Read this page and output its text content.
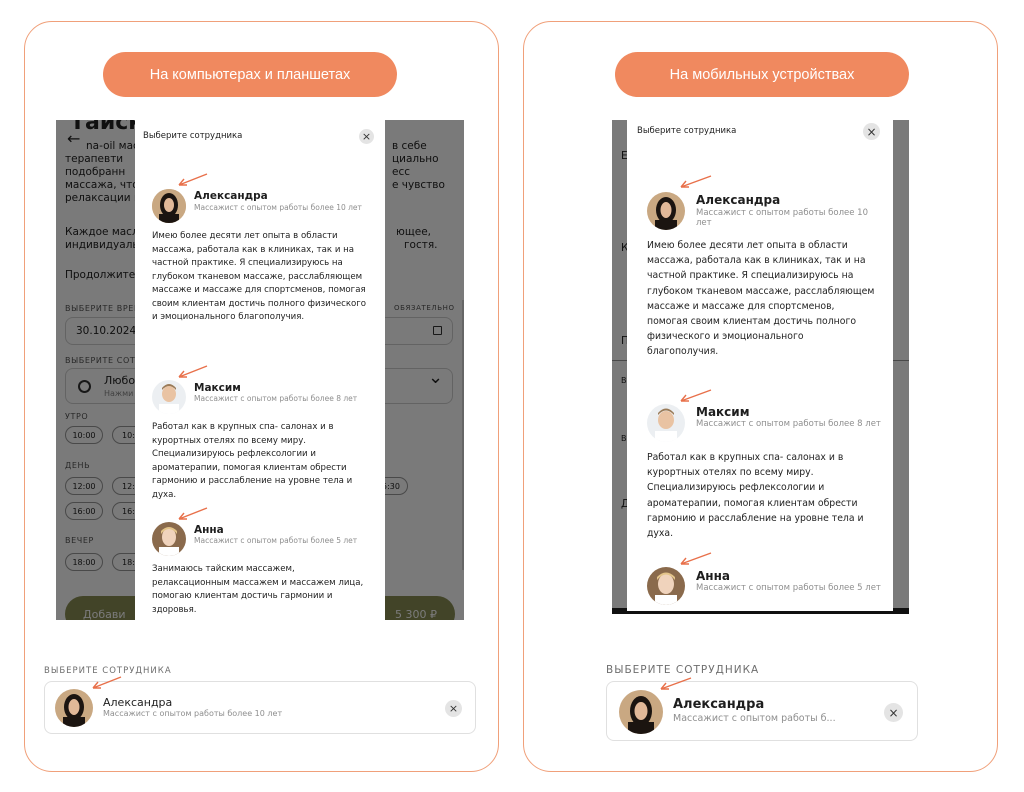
На компьютерах и планшетах
Выберите сотрудника	×
Александра
Массажист с опытом работы более 10 лет
Имею более десяти лет опыта в области массажа, работала как в клиниках, так и на частной практике. Я специализируюсь на глубоком тканевом массаже, расслабляющем массаже и массаже для спортсменов, помогая своим клиентам достичь полного физического и эмоционального благополучия.
Максим
Массажист с опытом работы более 8 лет
Работал как в крупных спа- салонах и в курортных отелях по всему миру. Специализируюсь рефлексологии и ароматерапии, помогая клиентам обрести гармонию и расслабление на уровне тела и духа.
Анна
Массажист с опытом работы более 5 лет
Занимаюсь тайским массажем, релаксационным массажем и массажем лица, помогаю клиентам достичь гармонии и здоровья.
ВЫБЕРИТЕ СОТРУДНИКА
Александра
Массажист с опытом работы более 10 лет	×
На мобильных устройствах
Выберите сотрудника	×
Александра
Массажист с опытом работы более 10 лет
Имею более десяти лет опыта в области массажа, работала как в клиниках, так и на частной практике. Я специализируюсь на глубоком тканевом массаже, расслабляющем массаже и массаже для спортсменов, помогая своим клиентам достичь полного физического и эмоционального благополучия.
Максим
Массажист с опытом работы более 8 лет
Работал как в крупных спа- салонах и в курортных отелях по всему миру. Специализируюсь рефлексологии и ароматерапии, помогая клиентам обрести гармонию и расслабление на уровне тела и духа.
Анна
Массажист с опытом работы более 5 лет
ВЫБЕРИТЕ СОТРУДНИКА
Александра
Массажист с опытом работы б...	×
